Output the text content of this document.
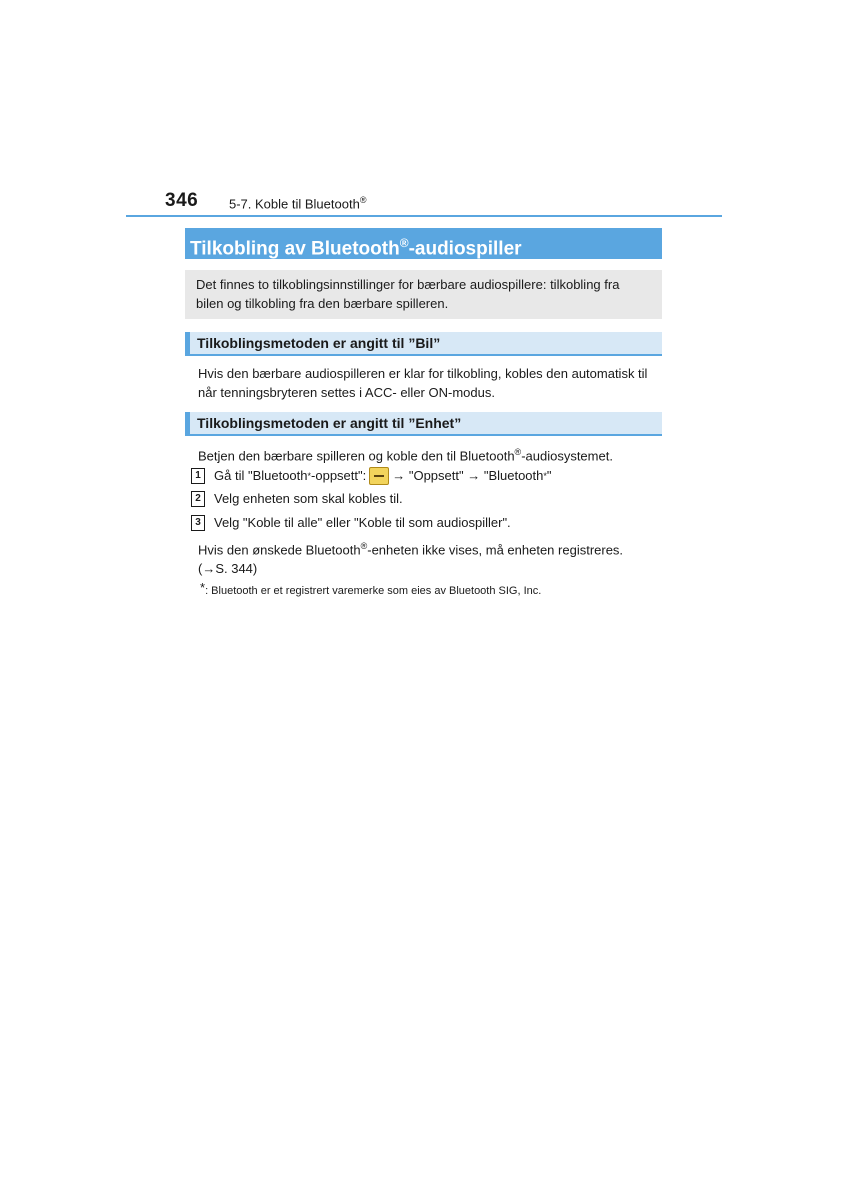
346 5-7. Koble til Bluetooth®
Tilkobling av Bluetooth®-audiospiller
Det finnes to tilkoblingsinnstillinger for bærbare audiospillere: tilkobling fra
bilen og tilkobling fra den bærbare spilleren.
Tilkoblingsmetoden er angitt til ”Bil”
Hvis den bærbare audiospilleren er klar for tilkobling, kobles den automatisk til
når tenningsbryteren settes i ACC- eller ON-modus.
Tilkoblingsmetoden er angitt til ”Enhet”
Betjen den bærbare spilleren og koble den til Bluetooth®-audiosystemet.
1	Gå til "Bluetooth * -oppsett": → "Oppsett" → "Bluetooth * "
2	Velg enheten som skal kobles til.
3	Velg "Koble til alle" eller "Koble til som audiospiller".
Hvis den ønskede Bluetooth®-enheten ikke vises, må enheten registreres.
(→S. 344)
*: Bluetooth er et registrert varemerke som eies av Bluetooth SIG, Inc.
